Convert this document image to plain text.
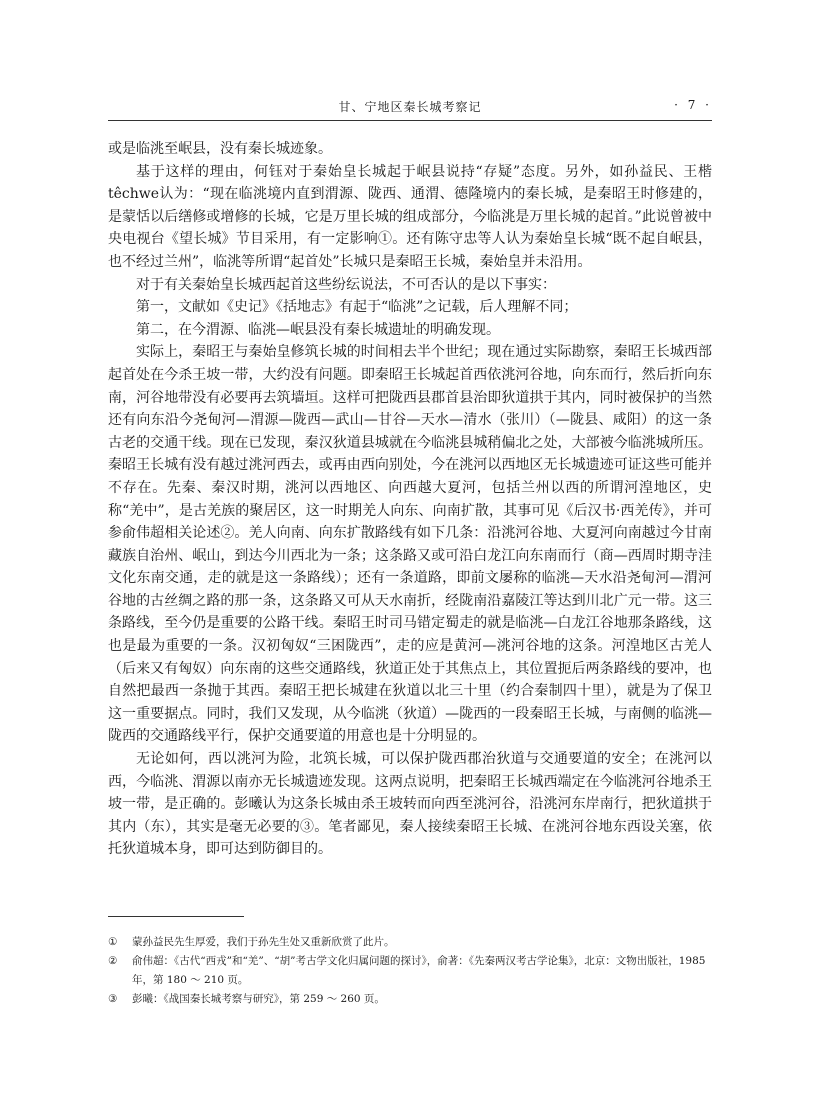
甘、宁地区秦长城考察记	· 7 ·

或是临洮至岷县，没有秦长城迹象。

基于这样的理由，何钰对于秦始皇长城起于岷县说持“存疑”态度。另外，如孙益民、王楷têchwe认为：“现在临洮境内直到渭源、陇西、通渭、德隆境内的秦长城，是秦昭王时修建的，是蒙恬以后缮修或增修的长城，它是万里长城的组成部分，今临洮是万里长城的起首。”此说曾被中央电视台《望长城》节目采用，有一定影响①。还有陈守忠等人认为秦始皇长城“既不起自岷县，也不经过兰州”，临洮等所谓“起首处”长城只是秦昭王长城，秦始皇并未沿用。

对于有关秦始皇长城西起首这些纷纭说法，不可否认的是以下事实：

第一，文献如《史记》《括地志》有起于“临洮”之记载，后人理解不同；

第二，在今渭源、临洮—岷县没有秦长城遗址的明确发现。

实际上，秦昭王与秦始皇修筑长城的时间相去半个世纪；现在通过实际勘察，秦昭王长城西部起首处在今杀王坡一带，大约没有问题。即秦昭王长城起首西依洮河谷地，向东而行，然后折向东南，河谷地带没有必要再去筑墙垣。这样可把陇西县郡首县治即狄道拱于其内，同时被保护的当然还有向东沿今尧甸河—渭源—陇西—武山—甘谷—天水—清水（张川）（—陇县、咸阳）的这一条古老的交通干线。现在已发现，秦汉狄道县城就在今临洮县城稍偏北之处，大部被今临洮城所压。秦昭王长城有没有越过洮河西去，或再由西向别处，今在洮河以西地区无长城遗迹可证这些可能并不存在。先秦、秦汉时期，洮河以西地区、向西越大夏河，包括兰州以西的所谓河湟地区，史称“羌中”，是古羌族的聚居区，这一时期羌人向东、向南扩散，其事可见《后汉书·西羌传》，并可参俞伟超相关论述②。羌人向南、向东扩散路线有如下几条：沿洮河谷地、大夏河向南越过今甘南藏族自治州、岷山，到达今川西北为一条；这条路又或可沿白龙江向东南而行（商—西周时期寺洼文化东南交通，走的就是这一条路线）；还有一条道路，即前文屡称的临洮—天水沿尧甸河—渭河谷地的古丝绸之路的那一条，这条路又可从天水南折，经陇南沿嘉陵江等达到川北广元一带。这三条路线，至今仍是重要的公路干线。秦昭王时司马错定蜀走的就是临洮—白龙江谷地那条路线，这也是最为重要的一条。汉初匈奴“三困陇西”，走的应是黄河—洮河谷地的这条。河湟地区古羌人（后来又有匈奴）向东南的这些交通路线，狄道正处于其焦点上，其位置扼后两条路线的要冲，也自然把最西一条抛于其西。秦昭王把长城建在狄道以北三十里（约合秦制四十里），就是为了保卫这一重要据点。同时，我们又发现，从今临洮（狄道）—陇西的一段秦昭王长城，与南侧的临洮—陇西的交通路线平行，保护交通要道的用意也是十分明显的。

无论如何，西以洮河为险，北筑长城，可以保护陇西郡治狄道与交通要道的安全；在洮河以西，今临洮、渭源以南亦无长城遗迹发现。这两点说明，把秦昭王长城西端定在今临洮河谷地杀王坡一带，是正确的。彭曦认为这条长城由杀王坡转而向西至洮河谷，沿洮河东岸南行，把狄道拱于其内（东），其实是毫无必要的③。笔者鄙见，秦人接续秦昭王长城、在洮河谷地东西设关塞，依托狄道城本身，即可达到防御目的。

① 蒙孙益民先生厚爱，我们于孙先生处又重新欣赏了此片。
② 俞伟超：《古代“西戎”和“羌”、“胡”考古学文化归属问题的探讨》，俞著：《先秦两汉考古学论集》，北京：文物出版社，1985年，第 180 ～ 210 页。
③ 彭曦：《战国秦长城考察与研究》，第 259 ～ 260 页。
